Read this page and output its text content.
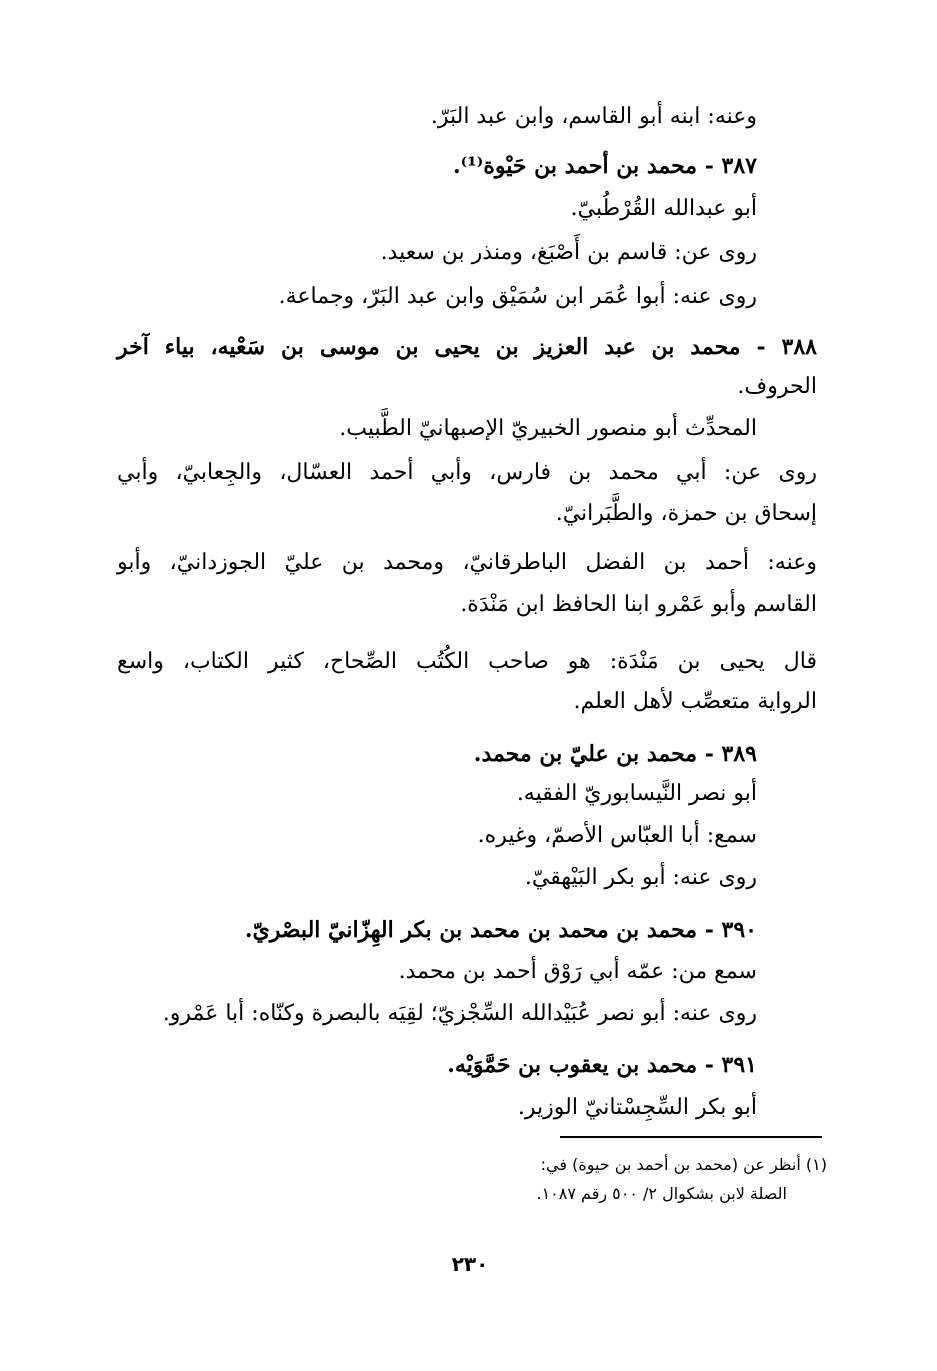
وعنه: ابنه أبو القاسم، وابن عبد البَرّ.
٣٨٧ - محمد بن أحمد بن حَيْوة⁽¹⁾.
أبو عبدالله القُرْطُبيّ.
روى عن: قاسم بن أَصْبَغ، ومنذر بن سعيد.
روى عنه: أبوا عُمَر ابن سُمَيْق وابن عبد البَرّ، وجماعة.
٣٨٨ - محمد بن عبد العزيز بن يحيى بن موسى بن سَعْيه، بياء آخر
الحروف.
المحدِّث أبو منصور الخبيريّ الإصبهانيّ الطَّبيب.
روى عن: أبي محمد بن فارس، وأبي أحمد العسّال، والجِعابيّ، وأبي
إسحاق بن حمزة، والطَّبَرانيّ.
وعنه: أحمد بن الفضل الباطرقانيّ، ومحمد بن عليّ الجوزدانيّ، وأبو
القاسم وأبو عَمْرو ابنا الحافظ ابن مَنْدَة.
قال يحيى بن مَنْدَة: هو صاحب الكُتُب الصِّحاح، كثير الكتاب، واسع
الرواية متعصِّب لأهل العلم.
٣٨٩ - محمد بن عليّ بن محمد.
أبو نصر النَّيسابوريّ الفقيه.
سمع: أبا العبّاس الأصمّ، وغيره.
روى عنه: أبو بكر البَيْهقيّ.
٣٩٠ - محمد بن محمد بن محمد بن بكر الهِزّانيّ البصْريّ.
سمع من: عمّه أبي رَوْق أحمد بن محمد.
روى عنه: أبو نصر عُبَيْدالله السِّجْزيّ؛ لقِيَه بالبصرة وكنّاه: أبا عَمْرو.
٣٩١ - محمد بن يعقوب بن حَمَّوَيْه.
أبو بكر السِّجِسْتانيّ الوزير.
(١) أنظر عن (محمد بن أحمد بن حيوة) في:
الصلة لابن بشكوال ٢/ ٥٠٠ رقم ١٠٨٧.
٢٣٠
